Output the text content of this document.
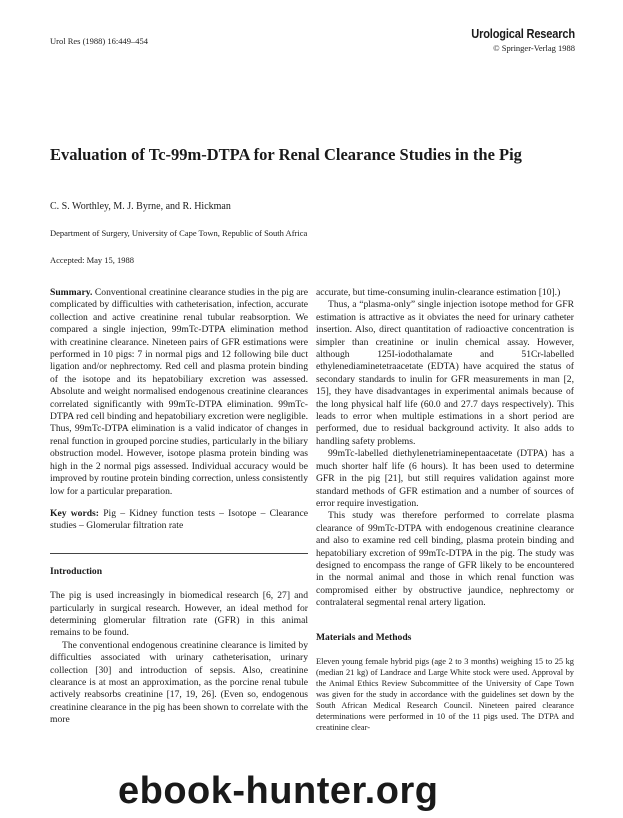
Urol Res (1988) 16:449–454	Urological Research
© Springer-Verlag 1988
Evaluation of Tc-99m-DTPA for Renal Clearance Studies in the Pig
C. S. Worthley, M. J. Byrne, and R. Hickman
Department of Surgery, University of Cape Town, Republic of South Africa
Accepted: May 15, 1988

Summary. Conventional creatinine clearance studies in the pig are complicated by difficulties with catheterisation, infection, accurate collection and active creatinine renal tubular reabsorption. We compared a single injection, 99mTc-DTPA elimination method with creatinine clearance. Nineteen pairs of GFR estimations were performed in 10 pigs: 7 in normal pigs and 12 following bile duct ligation and/or nephrectomy. Red cell and plasma protein binding of the isotope and its hepatobiliary excretion was assessed. Absolute and weight normalised endogenous creatinine clearances correlated significantly with 99mTc-DTPA elimination. 99mTc-DTPA red cell binding and hepatobiliary excretion were negligible. Thus, 99mTc-DTPA elimination is a valid indicator of changes in renal function in grouped porcine studies, particularly in the biliary obstruction model. However, isotope plasma protein binding was high in the 2 normal pigs assessed. Individual accuracy would be improved by routine protein binding correction, unless consistently low for a particular preparation.

Key words: Pig – Kidney function tests – Isotope – Clearance studies – Glomerular filtration rate

Introduction

The pig is used increasingly in biomedical research [6, 27] and particularly in surgical research. However, an ideal method for determining glomerular filtration rate (GFR) in this animal remains to be found.

The conventional endogenous creatinine clearance is limited by difficulties associated with urinary catheterisation, urinary collection [30] and introduction of sepsis. Also, creatinine clearance is at most an approximation, as the porcine renal tubule actively reabsorbs creatinine [17, 19, 26]. (Even so, endogenous creatinine clearance in the pig has been shown to correlate with the more

accurate, but time-consuming inulin-clearance estimation [10].)

Thus, a “plasma-only” single injection isotope method for GFR estimation is attractive as it obviates the need for urinary catheter insertion. Also, direct quantitation of radioactive concentration is simpler than creatinine or inulin chemical assay. However, although 125I-iodothalamate and 51Cr-labelled ethylenediaminetetraacetate (EDTA) have acquired the status of secondary standards to inulin for GFR measurements in man [2, 15], they have disadvantages in experimental animals because of the long physical half life (60.0 and 27.7 days respectively). This leads to error when multiple estimations in a short period are performed, due to residual background activity. It also adds to handling safety problems.

99mTc-labelled diethylenetriaminepentaacetate (DTPA) has a much shorter half life (6 hours). It has been used to determine GFR in the pig [21], but still requires validation against more standard methods of GFR estimation and a number of sources of error require investigation.

This study was therefore performed to correlate plasma clearance of 99mTc-DTPA with endogenous creatinine clearance and also to examine red cell binding, plasma protein binding and hepatobiliary excretion of 99mTc-DTPA in the pig. The study was designed to encompass the range of GFR likely to be encountered in the normal animal and those in which renal function was compromised either by obstructive jaundice, nephrectomy or contralateral segmental renal artery ligation.

Materials and Methods

Eleven young female hybrid pigs (age 2 to 3 months) weighing 15 to 25 kg (median 21 kg) of Landrace and Large White stock were used. Approval by the Animal Ethics Review Subcommittee of the University of Cape Town was given for the study in accordance with the guidelines set down by the South African Medical Research Council. Nineteen paired clearance determinations were performed in 10 of the 11 pigs used. The DTPA and creatinine clear-

ebook-hunter.org
